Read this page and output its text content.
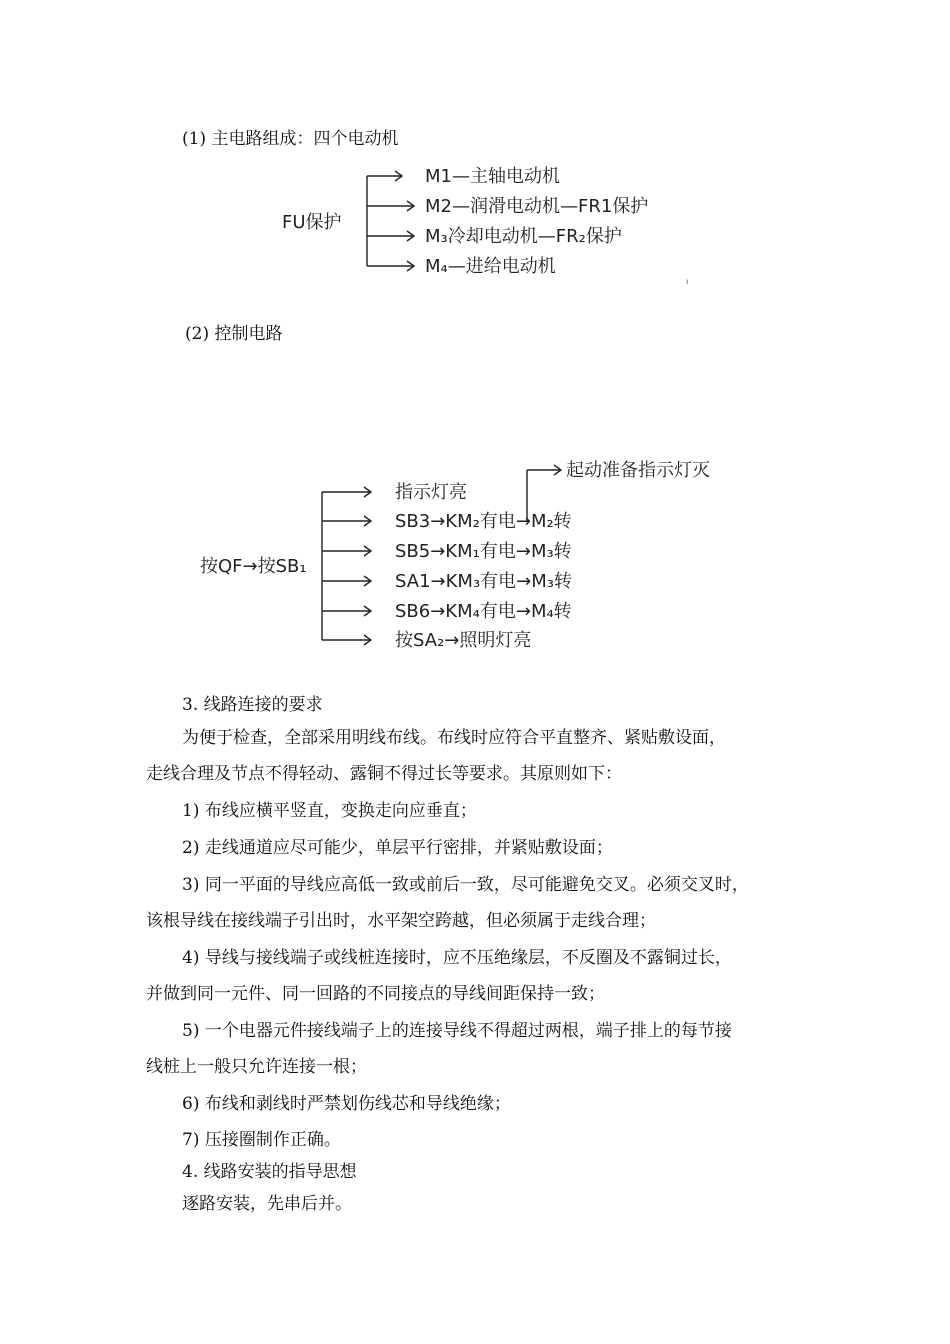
(1) 主电路组成：四个电动机
ı
FU保护
M1—主轴电动机
M2—润滑电动机—FR1保护
M₃冷却电动机—FR₂保护
M₄—进给电动机
(2) 控制电路
起动准备指示灯灭
按QF→按SB₁
指示灯亮
SB3→KM₂有电→M₂转
SB5→KM₁有电→M₃转
SA1→KM₃有电→M₃转
SB6→KM₄有电→M₄转
按SA₂→照明灯亮
3. 线路连接的要求
为便于检查，全部采用明线布线。布线时应符合平直整齐、紧贴敷设面，
走线合理及节点不得轻动、露铜不得过长等要求。其原则如下：
1) 布线应横平竖直，变换走向应垂直；
2) 走线通道应尽可能少，单层平行密排，并紧贴敷设面；
3) 同一平面的导线应高低一致或前后一致，尽可能避免交叉。必须交叉时，
该根导线在接线端子引出时，水平架空跨越，但必须属于走线合理；
4) 导线与接线端子或线桩连接时，应不压绝缘层，不反圈及不露铜过长，
并做到同一元件、同一回路的不同接点的导线间距保持一致；
5) 一个电器元件接线端子上的连接导线不得超过两根，端子排上的每节接
线桩上一般只允许连接一根；
6) 布线和剥线时严禁划伤线芯和导线绝缘；
7) 压接圈制作正确。
4. 线路安装的指导思想
逐路安装，先串后并。
